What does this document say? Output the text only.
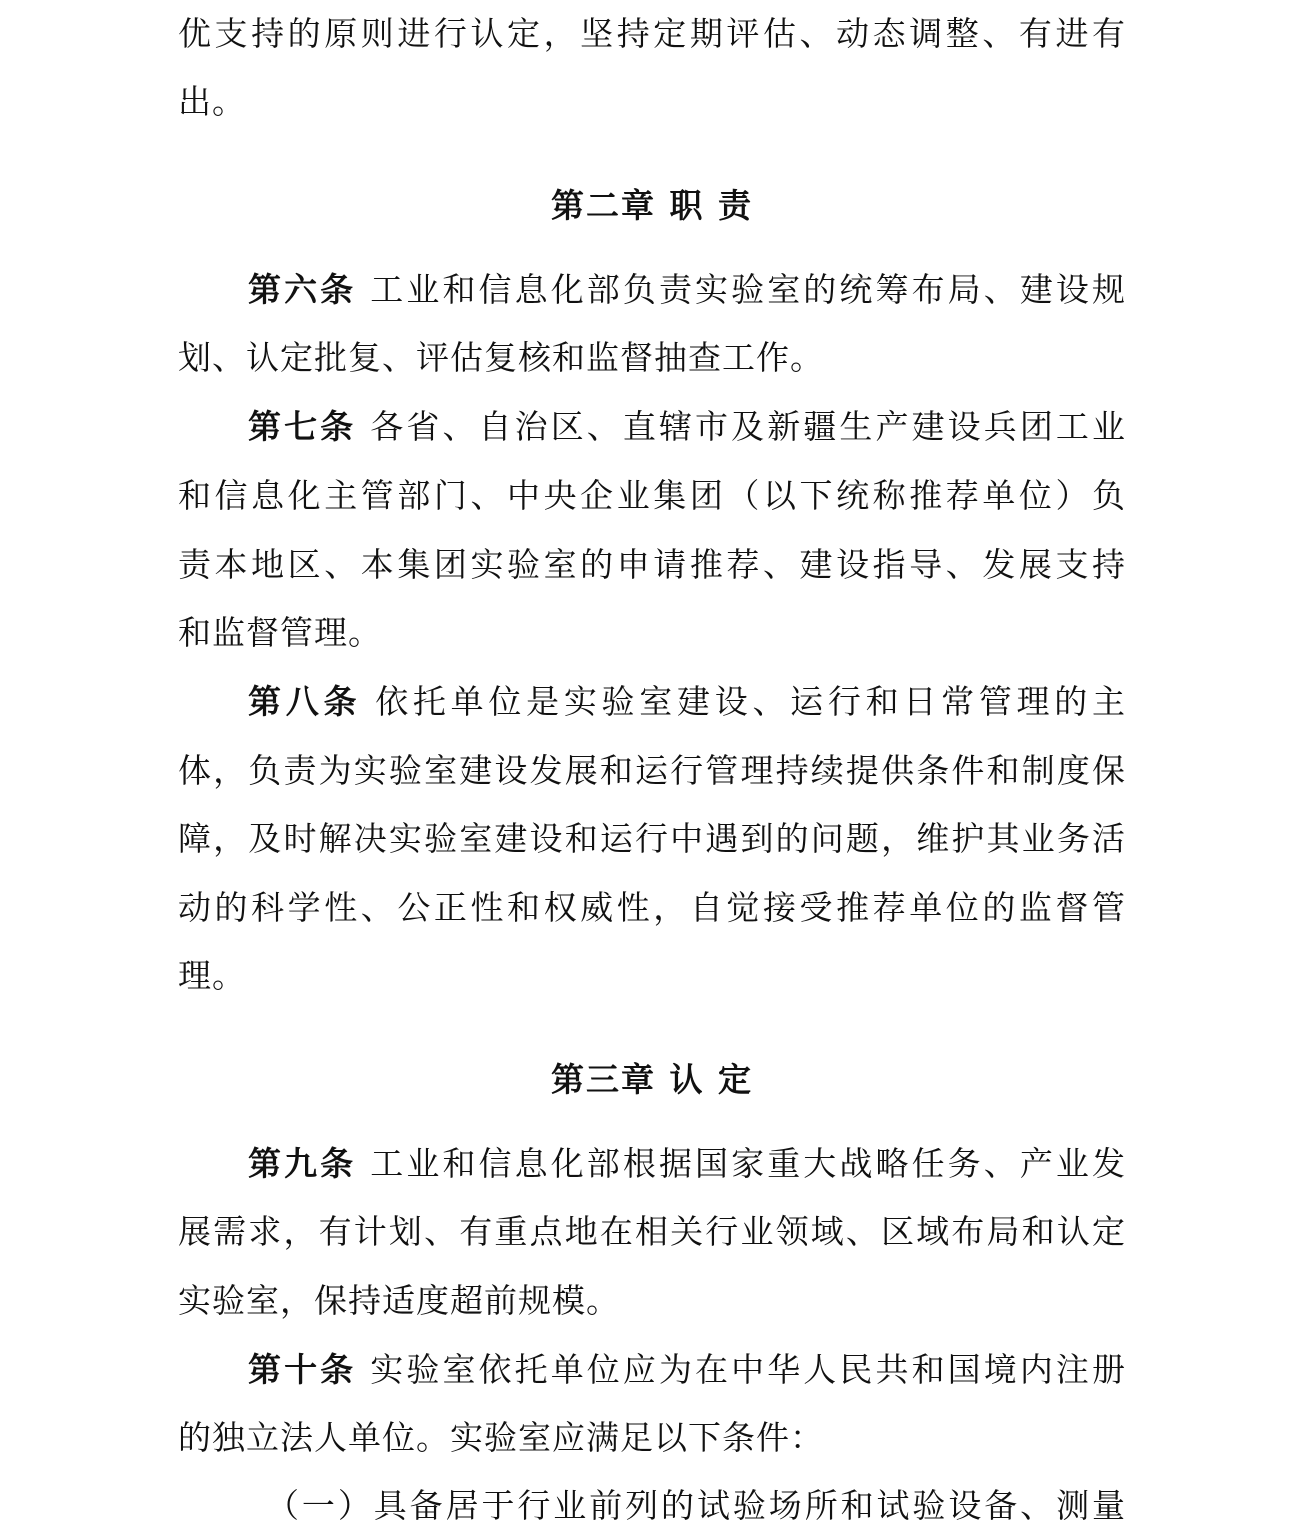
优支持的原则进行认定，坚持定期评估、动态调整、有进有
出。
第二章 职 责
第六条 工业和信息化部负责实验室的统筹布局、建设规
划、认定批复、评估复核和监督抽查工作。
第七条 各省、自治区、直辖市及新疆生产建设兵团工业
和信息化主管部门、中央企业集团（以下统称推荐单位）负
责本地区、本集团实验室的申请推荐、建设指导、发展支持
和监督管理。
第八条 依托单位是实验室建设、运行和日常管理的主
体，负责为实验室建设发展和运行管理持续提供条件和制度保
障，及时解决实验室建设和运行中遇到的问题，维护其业务活
动的科学性、公正性和权威性，自觉接受推荐单位的监督管
理。
第三章 认 定
第九条 工业和信息化部根据国家重大战略任务、产业发
展需求，有计划、有重点地在相关行业领域、区域布局和认定
实验室，保持适度超前规模。
第十条 实验室依托单位应为在中华人民共和国境内注册
的独立法人单位。实验室应满足以下条件：
（一）具备居于行业前列的试验场所和试验设备、测量
